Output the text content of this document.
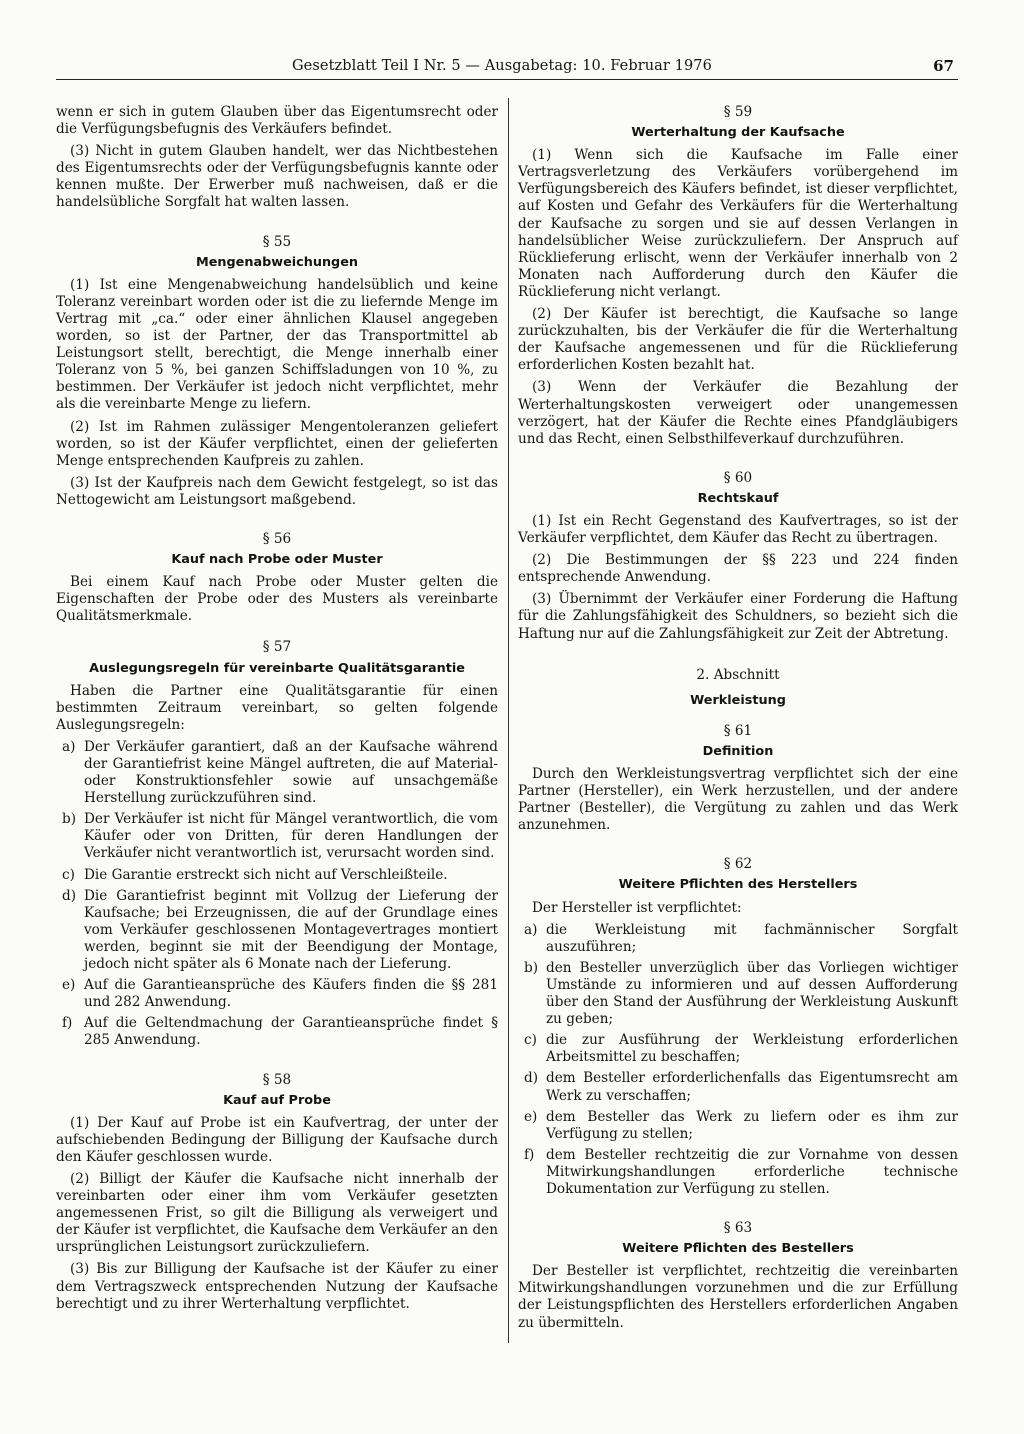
Gesetzblatt Teil I Nr. 5 — Ausgabetag: 10. Februar 1976	67

wenn er sich in gutem Glauben über das Eigentumsrecht oder die Verfügungsbefugnis des Verkäufers befindet.

(3) Nicht in gutem Glauben handelt, wer das Nichtbestehen des Eigentumsrechts oder der Verfügungsbefugnis kannte oder kennen mußte. Der Erwerber muß nachweisen, daß er die handelsübliche Sorgfalt hat walten lassen.

§ 55
Mengenabweichungen

(1) Ist eine Mengenabweichung handelsüblich und keine Toleranz vereinbart worden oder ist die zu liefernde Menge im Vertrag mit „ca.“ oder einer ähnlichen Klausel angegeben worden, so ist der Partner, der das Transportmittel ab Leistungsort stellt, berechtigt, die Menge innerhalb einer Toleranz von 5 %, bei ganzen Schiffsladungen von 10 %, zu bestimmen. Der Verkäufer ist jedoch nicht verpflichtet, mehr als die vereinbarte Menge zu liefern.

(2) Ist im Rahmen zulässiger Mengentoleranzen geliefert worden, so ist der Käufer verpflichtet, einen der gelieferten Menge entsprechenden Kaufpreis zu zahlen.

(3) Ist der Kaufpreis nach dem Gewicht festgelegt, so ist das Nettogewicht am Leistungsort maßgebend.

§ 56
Kauf nach Probe oder Muster

Bei einem Kauf nach Probe oder Muster gelten die Eigenschaften der Probe oder des Musters als vereinbarte Qualitätsmerkmale.

§ 57
Auslegungsregeln für vereinbarte Qualitätsgarantie

Haben die Partner eine Qualitätsgarantie für einen bestimmten Zeitraum vereinbart, so gelten folgende Auslegungsregeln:

a) Der Verkäufer garantiert, daß an der Kaufsache während der Garantiefrist keine Mängel auftreten, die auf Material- oder Konstruktionsfehler sowie auf unsachgemäße Herstellung zurückzuführen sind.
b) Der Verkäufer ist nicht für Mängel verantwortlich, die vom Käufer oder von Dritten, für deren Handlungen der Verkäufer nicht verantwortlich ist, verursacht worden sind.
c) Die Garantie erstreckt sich nicht auf Verschleißteile.
d) Die Garantiefrist beginnt mit Vollzug der Lieferung der Kaufsache; bei Erzeugnissen, die auf der Grundlage eines vom Verkäufer geschlossenen Montagevertrages montiert werden, beginnt sie mit der Beendigung der Montage, jedoch nicht später als 6 Monate nach der Lieferung.
e) Auf die Garantieansprüche des Käufers finden die §§ 281 und 282 Anwendung.
f) Auf die Geltendmachung der Garantieansprüche findet § 285 Anwendung.
§ 58
Kauf auf Probe

(1) Der Kauf auf Probe ist ein Kaufvertrag, der unter der aufschiebenden Bedingung der Billigung der Kaufsache durch den Käufer geschlossen wurde.

(2) Billigt der Käufer die Kaufsache nicht innerhalb der vereinbarten oder einer ihm vom Verkäufer gesetzten angemessenen Frist, so gilt die Billigung als verweigert und der Käufer ist verpflichtet, die Kaufsache dem Verkäufer an den ursprünglichen Leistungsort zurückzuliefern.

(3) Bis zur Billigung der Kaufsache ist der Käufer zu einer dem Vertragszweck entsprechenden Nutzung der Kaufsache berechtigt und zu ihrer Werterhaltung verpflichtet.

§ 59
Werterhaltung der Kaufsache

(1) Wenn sich die Kaufsache im Falle einer Vertragsverletzung des Verkäufers vorübergehend im Verfügungsbereich des Käufers befindet, ist dieser verpflichtet, auf Kosten und Gefahr des Verkäufers für die Werterhaltung der Kaufsache zu sorgen und sie auf dessen Verlangen in handelsüblicher Weise zurückzuliefern. Der Anspruch auf Rücklieferung erlischt, wenn der Verkäufer innerhalb von 2 Monaten nach Aufforderung durch den Käufer die Rücklieferung nicht verlangt.

(2) Der Käufer ist berechtigt, die Kaufsache so lange zurückzuhalten, bis der Verkäufer die für die Werterhaltung der Kaufsache angemessenen und für die Rücklieferung erforderlichen Kosten bezahlt hat.

(3) Wenn der Verkäufer die Bezahlung der Werterhaltungskosten verweigert oder unangemessen verzögert, hat der Käufer die Rechte eines Pfandgläubigers und das Recht, einen Selbsthilfeverkauf durchzuführen.

§ 60
Rechtskauf

(1) Ist ein Recht Gegenstand des Kaufvertrages, so ist der Verkäufer verpflichtet, dem Käufer das Recht zu übertragen.

(2) Die Bestimmungen der §§ 223 und 224 finden entsprechende Anwendung.

(3) Übernimmt der Verkäufer einer Forderung die Haftung für die Zahlungsfähigkeit des Schuldners, so bezieht sich die Haftung nur auf die Zahlungsfähigkeit zur Zeit der Abtretung.

2. Abschnitt
Werkleistung
§ 61
Definition

Durch den Werkleistungsvertrag verpflichtet sich der eine Partner (Hersteller), ein Werk herzustellen, und der andere Partner (Besteller), die Vergütung zu zahlen und das Werk anzunehmen.

§ 62
Weitere Pflichten des Herstellers

Der Hersteller ist verpflichtet:

a) die Werkleistung mit fachmännischer Sorgfalt auszuführen;
b) den Besteller unverzüglich über das Vorliegen wichtiger Umstände zu informieren und auf dessen Aufforderung über den Stand der Ausführung der Werkleistung Auskunft zu geben;
c) die zur Ausführung der Werkleistung erforderlichen Arbeitsmittel zu beschaffen;
d) dem Besteller erforderlichenfalls das Eigentumsrecht am Werk zu verschaffen;
e) dem Besteller das Werk zu liefern oder es ihm zur Verfügung zu stellen;
f) dem Besteller rechtzeitig die zur Vornahme von dessen Mitwirkungshandlungen erforderliche technische Dokumentation zur Verfügung zu stellen.
§ 63
Weitere Pflichten des Bestellers

Der Besteller ist verpflichtet, rechtzeitig die vereinbarten Mitwirkungshandlungen vorzunehmen und die zur Erfüllung der Leistungspflichten des Herstellers erforderlichen Angaben zu übermitteln.
